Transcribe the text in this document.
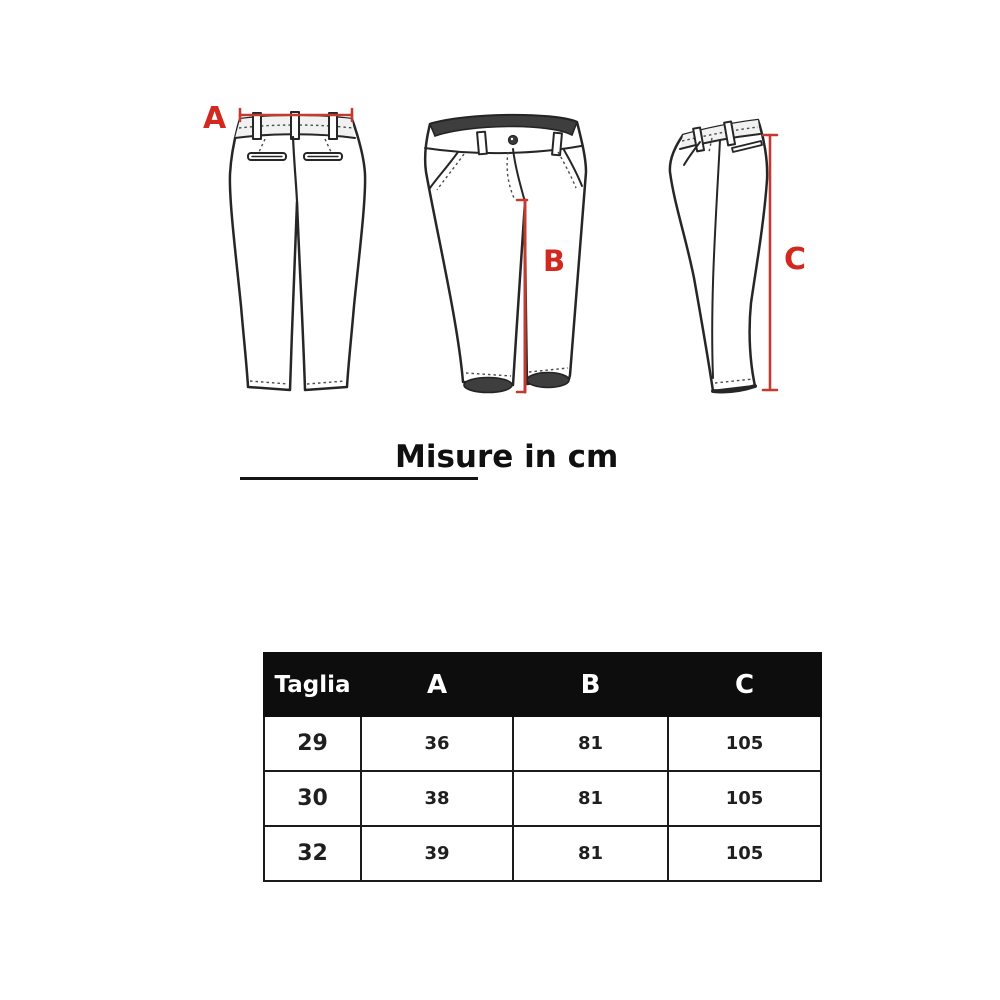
A
B	C
Misure in cm
Taglia	A	B	C
29	36	81	105
30	38	81	105
32	39	81	105
